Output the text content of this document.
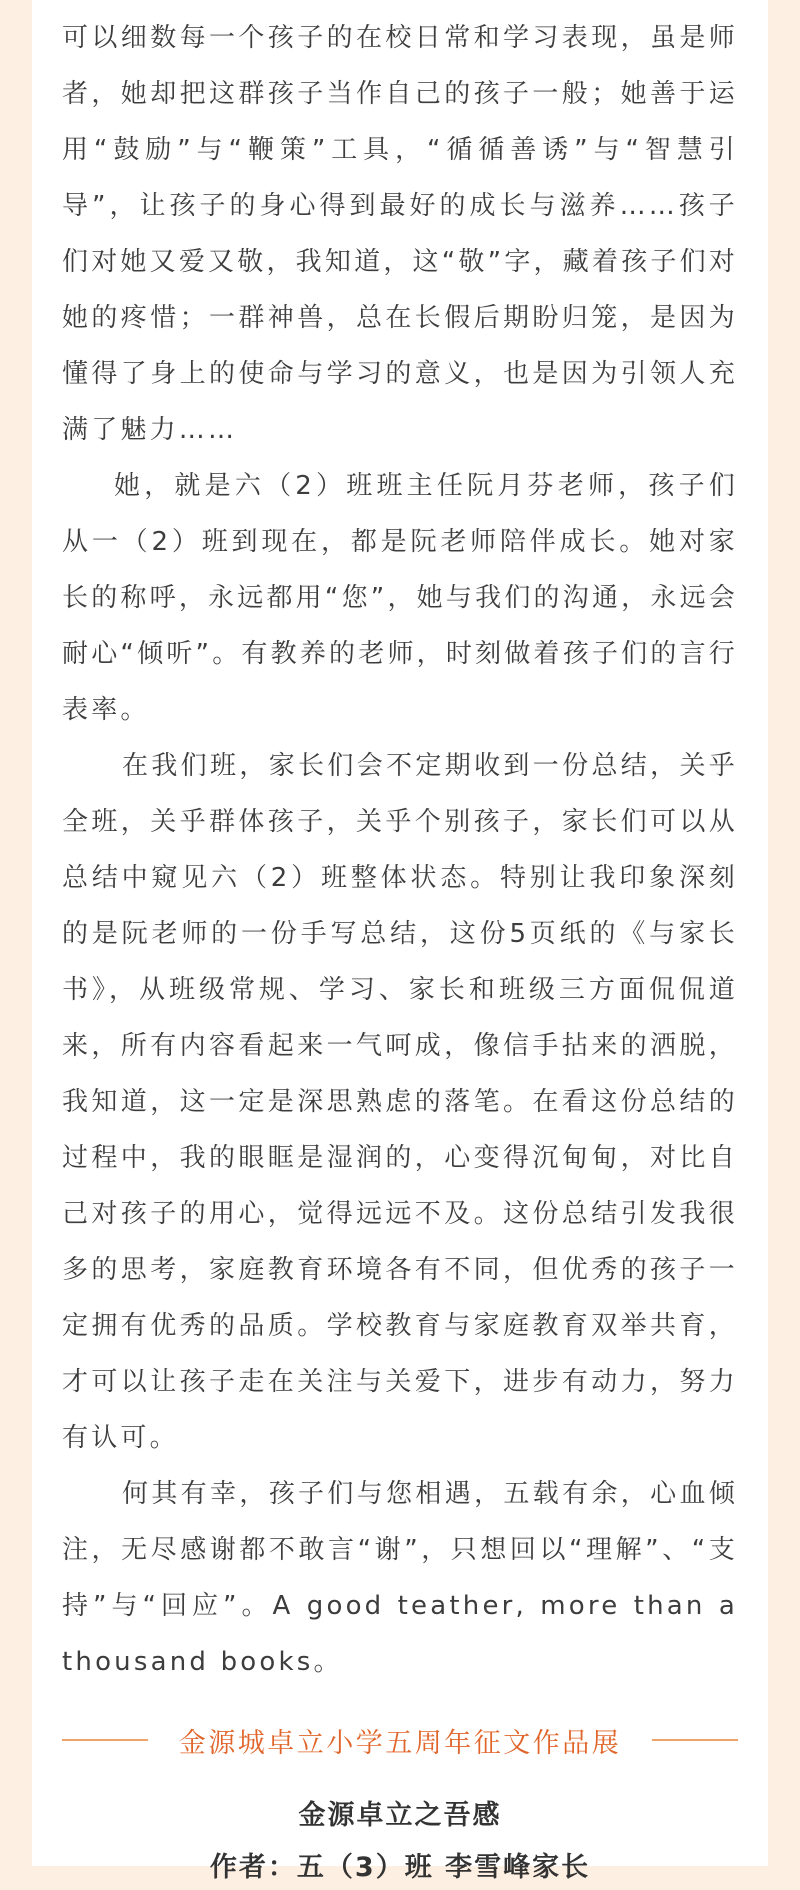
可以细数每一个孩子的在校日常和学习表现，虽是师者，她却把这群孩子当作自己的孩子一般；她善于运用“鼓励”与“鞭策”工具，“循循善诱”与“智慧引导”，让孩子的身心得到最好的成长与滋养……孩子们对她又爱又敬，我知道，这“敬”字，藏着孩子们对她的疼惜；一群神兽，总在长假后期盼归笼，是因为懂得了身上的使命与学习的意义，也是因为引领人充满了魅力……

她，就是六（2）班班主任阮月芬老师，孩子们从一（2）班到现在，都是阮老师陪伴成长。她对家长的称呼，永远都用“您”，她与我们的沟通，永远会耐心“倾听”。有教养的老师，时刻做着孩子们的言行表率。

在我们班，家长们会不定期收到一份总结，关乎全班，关乎群体孩子，关乎个别孩子，家长们可以从总结中窥见六（2）班整体状态。特别让我印象深刻的是阮老师的一份手写总结，这份5页纸的《与家长书》，从班级常规、学习、家长和班级三方面侃侃道来，所有内容看起来一气呵成，像信手拈来的洒脱，我知道，这一定是深思熟虑的落笔。在看这份总结的过程中，我的眼眶是湿润的，心变得沉甸甸，对比自己对孩子的用心，觉得远远不及。这份总结引发我很多的思考，家庭教育环境各有不同，但优秀的孩子一定拥有优秀的品质。学校教育与家庭教育双举共育，才可以让孩子走在关注与关爱下，进步有动力，努力有认可。

何其有幸，孩子们与您相遇，五载有余，心血倾注，无尽感谢都不敢言“谢”，只想回以“理解”、“支持”与“回应”。A good teather, more than a thousand books。

金源城卓立小学五周年征文作品展
金源卓立之吾感
作者：五（3）班 李雪峰家长
